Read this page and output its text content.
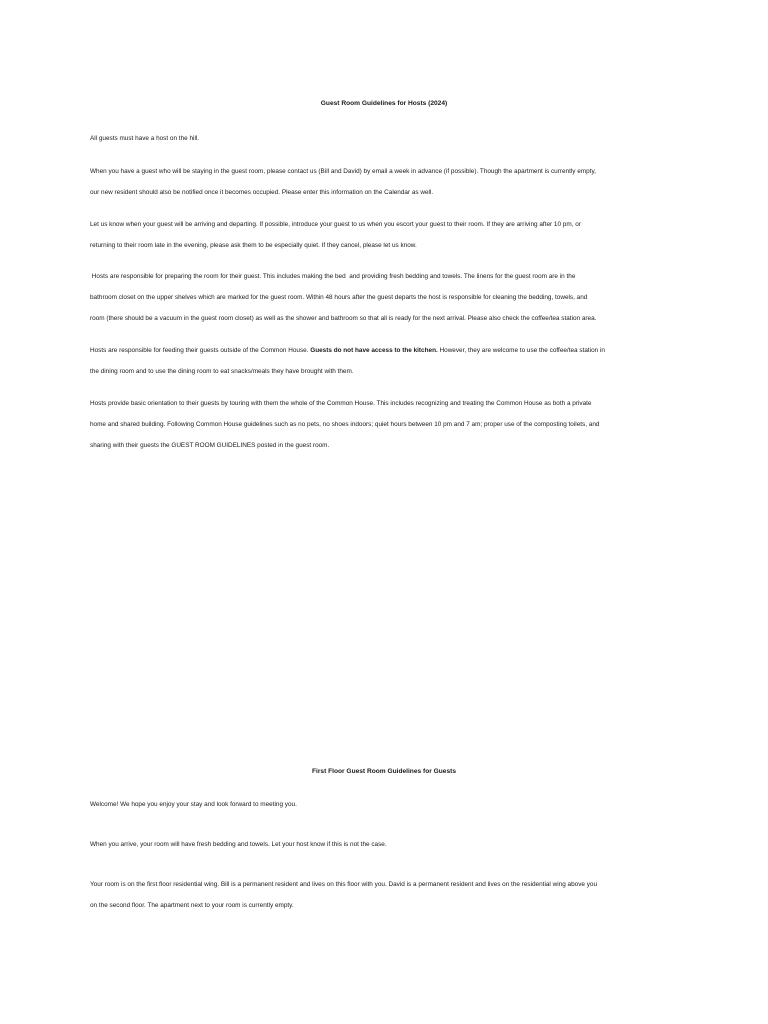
Guest Room Guidelines for Hosts (2024)

All guests must have a host on the hill.

When you have a guest who will be staying in the guest room, please contact us (Bill and David) by email a week in advance (if possible). Though the apartment is currently empty,
our new resident should also be notified once it becomes occupied. Please enter this information on the Calendar as well.

Let us know when your guest will be arriving and departing. If possible, introduce your guest to us when you escort your guest to their room. If they are arriving after 10 pm, or
returning to their room late in the evening, please ask them to be especially quiet. If they cancel, please let us know.

Hosts are responsible for preparing the room for their guest. This includes making the bed  and providing fresh bedding and towels. The linens for the guest room are in the
bathroom closet on the upper shelves which are marked for the guest room. Within 48 hours after the guest departs the host is responsible for cleaning the bedding, towels, and
room (there should be a vacuum in the guest room closet) as well as the shower and bathroom so that all is ready for the next arrival. Please also check the coffee/tea station area.

Hosts are responsible for feeding their guests outside of the Common House. Guests do not have access to the kitchen. However, they are welcome to use the coffee/tea station in
the dining room and to use the dining room to eat snacks/meals they have brought with them.

Hosts provide basic orientation to their guests by touring with them the whole of the Common House. This includes recognizing and treating the Common House as both a private
home and shared building. Following Common House guidelines such as no pets, no shoes indoors; quiet hours between 10 pm and 7 am; proper use of the composting toilets, and
sharing with their guests the GUEST ROOM GUIDELINES posted in the guest room.

First Floor Guest Room Guidelines for Guests

Welcome! We hope you enjoy your stay and look forward to meeting you.

When you arrive, your room will have fresh bedding and towels. Let your host know if this is not the case.

Your room is on the first floor residential wing. Bill is a permanent resident and lives on this floor with you. David is a permanent resident and lives on the residential wing above you
on the second floor. The apartment next to your room is currently empty.
